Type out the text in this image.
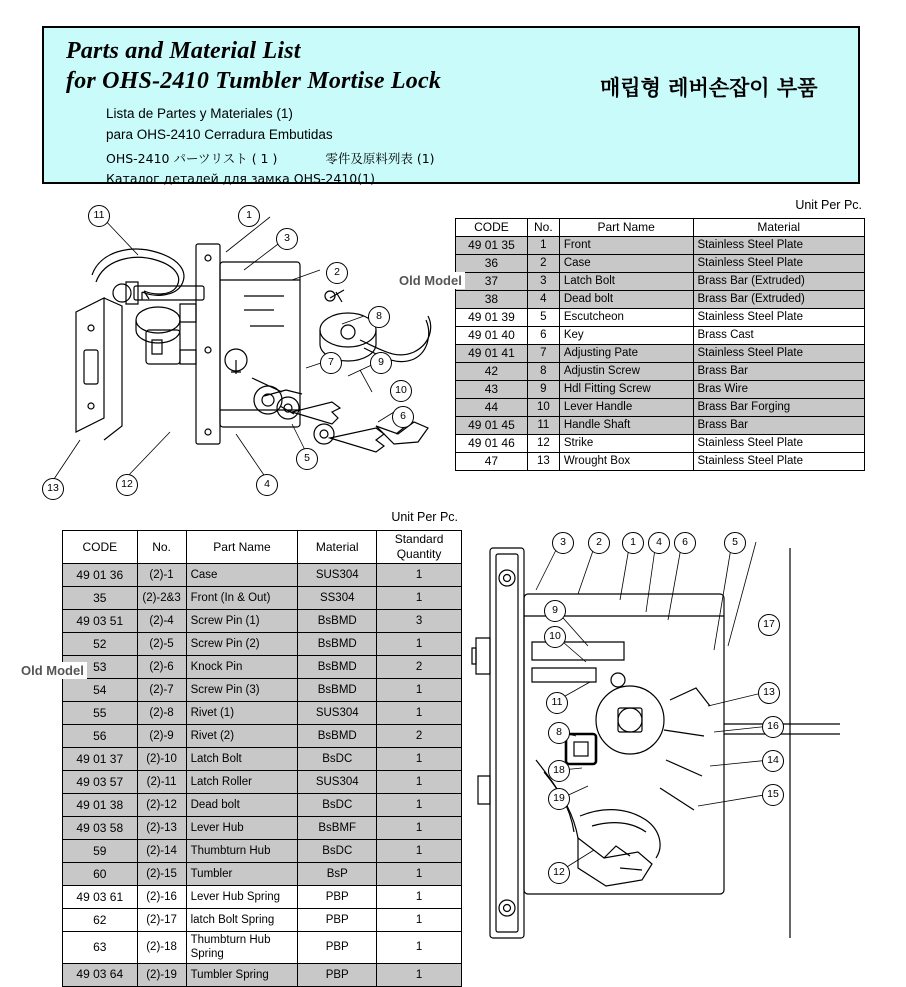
Parts and Material List
for OHS-2410 Tumbler Mortise Lock	매립형 레버손잡이 부품
Lista de Partes y Materiales (1)
para OHS-2410 Cerradura Embutidas
OHS-2410 パーツリスト ( 1 )	零件及原料列表 (1)
Каталог деталей для замка OHS-2410(1)
11	1
3
2
8
10
7	9
6
5
4
12
13
Unit Per Pc.
CODE	No.	Part Name	Material
49 01 35	1	Front	Stainless Steel Plate
36	2	Case	Stainless Steel Plate
37	3	Latch Bolt	Brass Bar (Extruded)
38	4	Dead bolt	Brass Bar (Extruded)
49 01 39	5	Escutcheon	Stainless Steel Plate
49 01 40	6	Key	Brass Cast
49 01 41	7	Adjusting Pate	Stainless Steel Plate
42	8	Adjustin Screw	Brass Bar
43	9	Hdl Fitting Screw	Bras Wire
44	10	Lever Handle	Brass Bar Forging
49 01 45	11	Handle Shaft	Brass Bar
49 01 46	12	Strike	Stainless Steel Plate
47	13	Wrought Box	Stainless Steel Plate
Old Model
Unit Per Pc.
CODE	No.	Part Name	Material	Standard Quantity
49 01 36	(2)-1	Case	SUS304	1
35	(2)-2&3	Front (In & Out)	SS304	1
49 03 51	(2)-4	Screw Pin (1)	BsBMD	3
52	(2)-5	Screw Pin (2)	BsBMD	1
53	(2)-6	Knock Pin	BsBMD	2
54	(2)-7	Screw Pin (3)	BsBMD	1
55	(2)-8	Rivet (1)	SUS304	1
56	(2)-9	Rivet (2)	BsBMD	2
49 01 37	(2)-10	Latch Bolt	BsDC	1
49 03 57	(2)-11	Latch Roller	SUS304	1
49 01 38	(2)-12	Dead bolt	BsDC	1
49 03 58	(2)-13	Lever Hub	BsBMF	1
59	(2)-14	Thumbturn Hub	BsDC	1
60	(2)-15	Tumbler	BsP	1
49 03 61	(2)-16	Lever Hub Spring	PBP	1
62	(2)-17	latch Bolt Spring	PBP	1
63	(2)-18	Thumbturn Hub Spring	PBP	1
49 03 64	(2)-19	Tumbler Spring	PBP	1
Old Model
3	2	1	4	6	5
9
10
17
13
11
8	16
18
14
19	15
12
